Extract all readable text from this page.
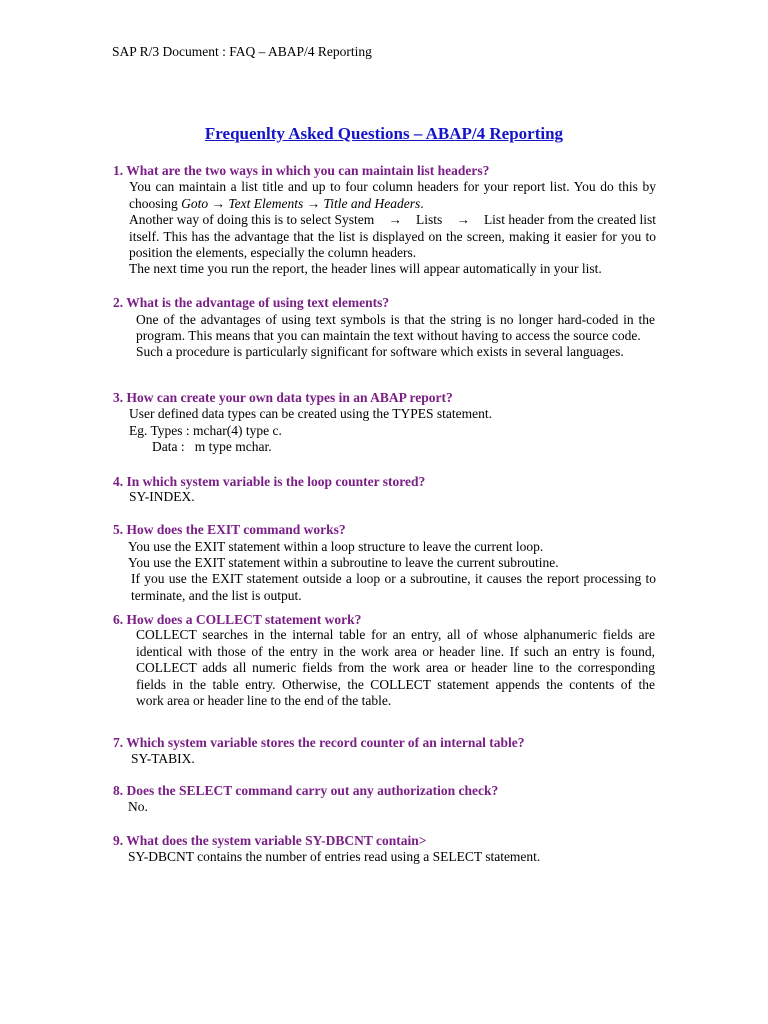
SAP R/3 Document : FAQ – ABAP/4 Reporting
Frequenlty Asked Questions – ABAP/4 Reporting
1. What are the two ways in which you can maintain list headers?
You can maintain a list title and up to four column headers for your report list. You do this by
choosing Goto → Text Elements → Title and Headers.
Another way of doing this is to select System → Lists → List header from the created list
itself. This has the advantage that the list is displayed on the screen, making it easier for you to
position the elements, especially the column headers.
The next time you run the report, the header lines will appear automatically in your list.
2. What is the advantage of using text elements?
One of the advantages of using text symbols is that the string is no longer hard-coded in the
program. This means that you can maintain the text without having to access the source code.
Such a procedure is particularly significant for software which exists in several languages.
3. How can create your own data types in an ABAP report?
User defined data types can be created using the TYPES statement.
Eg. Types : mchar(4) type c.
Data :   m type mchar.
4. In which system variable is the loop counter stored?
SY-INDEX.
5. How does the EXIT command works?
You use the EXIT statement within a loop structure to leave the current loop.
You use the EXIT statement within a subroutine to leave the current subroutine.
If you use the EXIT statement outside a loop or a subroutine, it causes the report processing to
terminate, and the list is output.
6. How does a COLLECT statement work?
COLLECT searches in the internal table for an entry, all of whose alphanumeric fields are
identical with those of the entry in the work area or header line. If such an entry is found,
COLLECT adds all numeric fields from the work area or header line to the corresponding
fields in the table entry. Otherwise, the COLLECT statement appends the contents of the
work area or header line to the end of the table.
7. Which system variable stores the record counter of an internal table?
SY-TABIX.
8. Does the SELECT command carry out any authorization check?
No.
9. What does the system variable SY-DBCNT contain>
SY-DBCNT contains the number of entries read using a SELECT statement.
